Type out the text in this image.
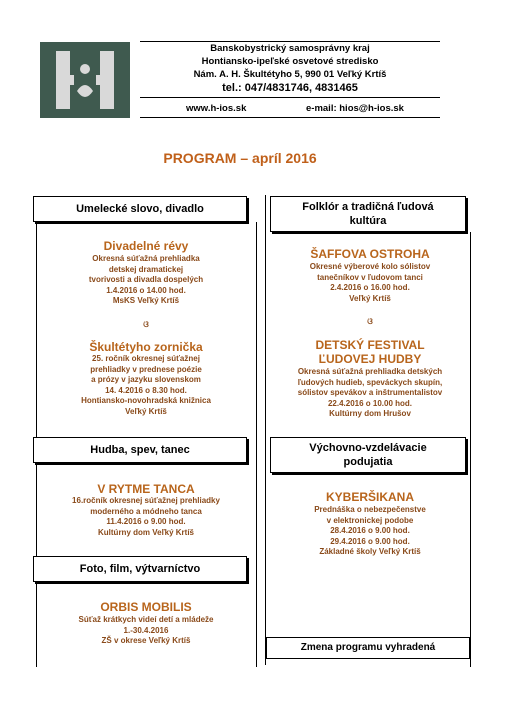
Banskobystrický samosprávny kraj
Hontiansko-ipeľské osvetové stredisko
Nám. A. H. Škultétyho 5, 990 01 Veľký Krtíš
tel.: 047/4831746, 4831465
www.h-ios.sk	e-mail: hios@h-ios.sk
PROGRAM – apríl 2016
Umelecké slovo, divadlo
Divadelné révy
Okresná súťažná prehliadka
detskej dramatickej
tvorivosti a divadla dospelých
1.4.2016 o 14.00 hod.
MsKS Veľký Krtíš
ଓ
Škultétyho zornička
25. ročník okresnej súťažnej
prehliadky v prednese poézie
a prózy v jazyku slovenskom
14. 4.2016 o 8.30 hod.
Hontiansko-novohradská knižnica
Veľký Krtíš
Hudba, spev, tanec
V RYTME TANCA
16.ročník okresnej súťažnej prehliadky
moderného a módneho tanca
11.4.2016 o 9.00 hod.
Kultúrny dom Veľký Krtíš
Foto, film, výtvarníctvo
ORBIS MOBILIS
Súťaž krátkych videí detí a mládeže
1.-30.4.2016
ZŠ v okrese Veľký Krtíš
Folklór a tradičná ľudová
kultúra
ŠAFFOVA OSTROHA
Okresné výberové kolo sólistov
tanečníkov v ľudovom tanci
2.4.2016 o 16.00 hod.
Veľký Krtíš
ଓ
DETSKÝ FESTIVAL
ĽUDOVEJ HUDBY
Okresná súťažná prehliadka detských
ľudových hudieb, speváckych skupín,
sólistov spevákov a inštrumentalistov
22.4.2016 o 10.00 hod.
Kultúrny dom Hrušov
Výchovno-vzdelávacie
podujatia
KYBERŠIKANA
Prednáška o nebezpečenstve
v elektronickej podobe
28.4.2016 o 9.00 hod.
29.4.2016 o 9.00 hod.
Základné školy Veľký Krtíš
Zmena programu vyhradená
